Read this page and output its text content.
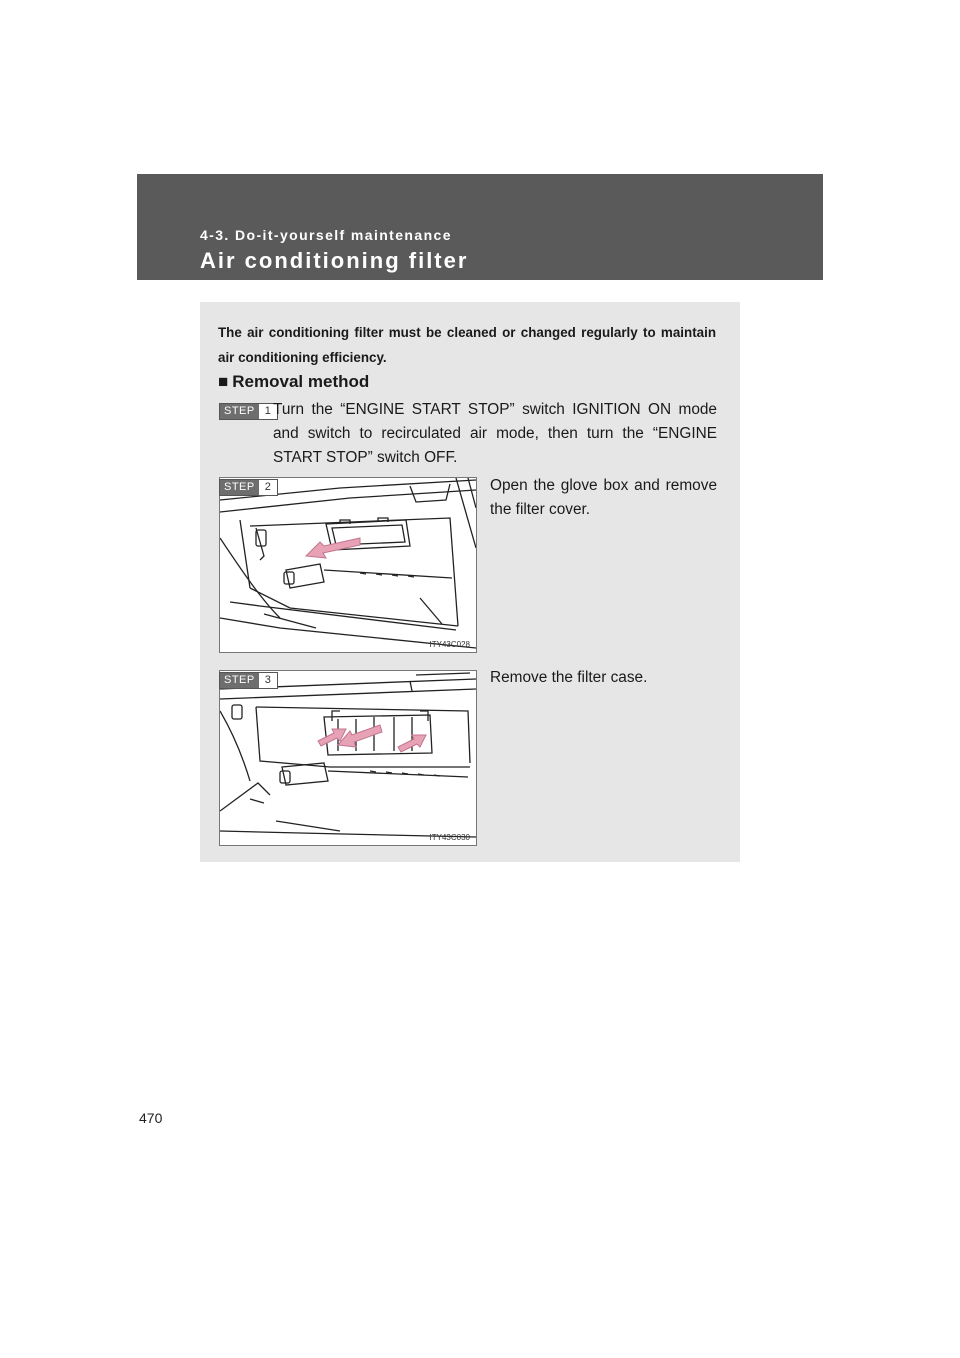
4-3. Do-it-yourself maintenance
Air conditioning filter
The air conditioning filter must be cleaned or changed regularly to maintain air conditioning efficiency.
■ Removal method
STEP 1 Turn the “ENGINE START STOP” switch IGNITION ON mode and switch to recirculated air mode, then turn the “ENGINE START STOP” switch OFF.
ITY43C028
STEP 2	Open the glove box and remove the filter cover.
ITY43C030
STEP 3	Remove the filter case.
470
